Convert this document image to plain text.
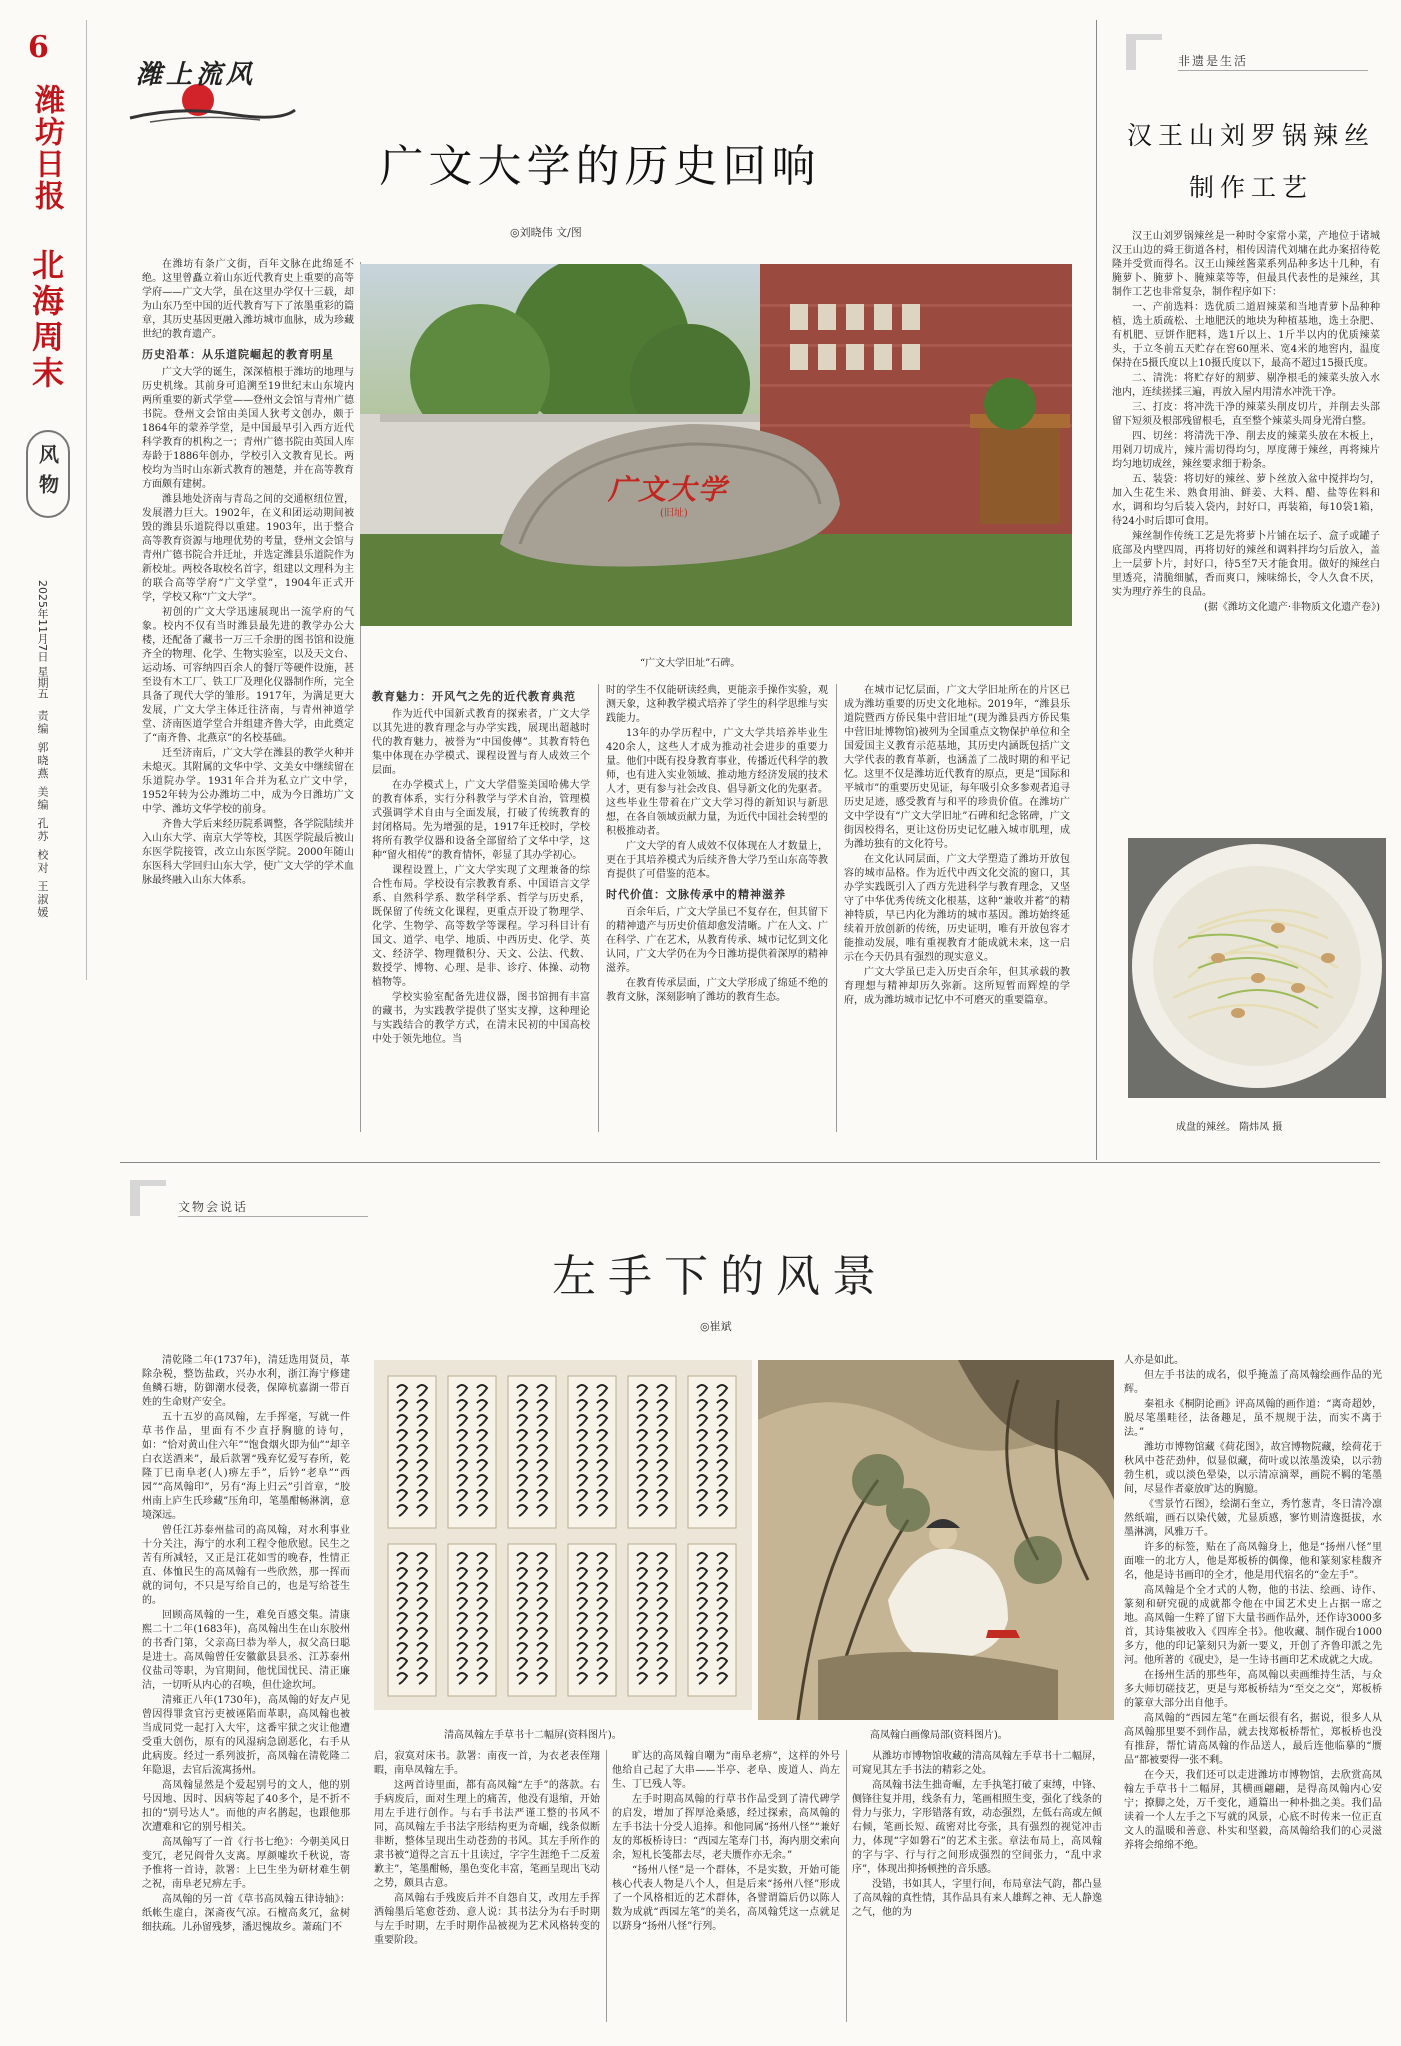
6
潍坊日报
北海周末
风物
2025年11月7日
星期五
责编 郭晓燕 美编 孔苏 校对 王淑媛
潍上流风
广文大学的历史回响
◎刘晓伟 文/图

在潍坊有条广文街，百年文脉在此绵延不绝。这里曾矗立着山东近代教育史上重要的高等学府——广文大学，虽在这里办学仅十三载，却为山东乃至中国的近代教育写下了浓墨重彩的篇章，其历史基因更融入潍坊城市血脉，成为珍藏世纪的教育遗产。

历史沿革：从乐道院崛起的教育明星

广文大学的诞生，深深植根于潍坊的地理与历史机缘。其前身可追溯至19世纪末山东境内两所重要的新式学堂——登州文会馆与青州广德书院。登州文会馆由美国人狄考文创办，颇于1864年的蒙养学堂，是中国最早引入西方近代科学教育的机构之一；青州广德书院由英国人库寿龄于1886年创办，学校引入文教育见长。两校均为当时山东新式教育的翘楚，并在高等教育方面颇有建树。

潍县地处济南与青岛之间的交通枢纽位置，发展潜力巨大。1902年，在义和团运动期间被毁的潍县乐道院得以重建。1903年，出于整合高等教育资源与地理优势的考量，登州文会馆与青州广德书院合并迁址，并选定潍县乐道院作为新校址。两校各取校名首字，组建以文理科为主的联合高等学府“广文学堂”，1904年正式开学，学校又称“广文大学”。

初创的广文大学迅速展现出一流学府的气象。校内不仅有当时潍县最先进的教学办公大楼，还配备了藏书一万三千余册的图书馆和设施齐全的物理、化学、生物实验室，以及天文台、运动场、可容纳四百余人的餐厅等硬件设施，甚至设有木工厂、铁工厂及理化仪器制作所，完全具备了现代大学的雏形。1917年，为满足更大发展，广文大学主体迁往济南，与青州神道学堂、济南医道学堂合并组建齐鲁大学，由此奠定了“南齐鲁、北燕京”的名校基础。

迁至济南后，广文大学在潍县的教学火种并未熄灭。其附属的文华中学、文美女中继续留在乐道院办学。1931年合并为私立广文中学，1952年转为公办潍坊二中，成为今日潍坊广文中学、潍坊文华学校的前身。

齐鲁大学后来经历院系调整，各学院陆续并入山东大学、南京大学等校，其医学院最后被山东医学院接管，改立山东医学院。2000年随山东医科大学回归山东大学，使广文大学的学术血脉最终融入山东大体系。

广文大学
(旧址)
“广文大学旧址”石碑。
教育魅力：开风气之先的近代教育典范

作为近代中国新式教育的探索者，广文大学以其先进的教育理念与办学实践，展现出超越时代的教育魅力，被誉为“中国俊傳”。其教育特色集中体现在办学模式、课程设置与育人成效三个层面。

在办学模式上，广文大学借鉴美国哈佛大学的教育体系，实行分科教学与学术自治，管理模式强调学术自由与全面发展，打破了传统教育的封闭格局。先为增强的是，1917年迁校时，学校将所有教学仪器和设备全部留给了文华中学，这种“留火相传”的教育情怀，彰显了其办学初心。

课程设置上，广文大学实现了文理兼备的综合性布局。学校设有宗教教育系、中国语言文学系、自然科学系、数学科学系、哲学与历史系，既保留了传统文化课程，更重点开设了物理学、化学、生物学、高等数学等课程。学习科目计有国文、道学、电学、地质、中西历史、化学、英文、经济学、物理微积分、天文、公法、代数、数授学、博物、心理、是非、诊疗、体操、动物植物等。

学校实验室配备先进仪器，图书馆拥有丰富的藏书，为实践教学提供了坚实支撑，这种理论与实践结合的教学方式，在清末民初的中国高校中处于领先地位。当

时的学生不仅能研读经典，更能亲手操作实验，观测天象，这种教学模式培养了学生的科学思维与实践能力。

13年的办学历程中，广文大学共培养毕业生420余人，这些人才成为推动社会进步的重要力量。他们中既有投身教育事业，传播近代科学的教师，也有进入实业领域、推动地方经济发展的技术人才，更有参与社会改良、倡导新文化的先驱者。这些毕业生带着在广文大学习得的新知识与新思想，在各自领域贡献力量，为近代中国社会转型的积极推动者。

广文大学的育人成效不仅体现在人才数量上，更在于其培养模式为后续齐鲁大学乃至山东高等教育提供了可借鉴的范本。

时代价值：文脉传承中的精神滋养

百余年后，广文大学虽已不复存在，但其留下的精神遗产与历史价值却愈发清晰。广在人文、广在科学、广在艺术，从教育传承、城市记忆到文化认同，广文大学仍在为今日潍坊提供着深厚的精神滋养。

在教育传承层面，广文大学形成了绵延不绝的教育文脉，深刻影响了潍坊的教育生态。

在城市记忆层面，广文大学旧址所在的片区已成为潍坊重要的历史文化地标。2019年，“潍县乐道院暨西方侨民集中营旧址”(现为潍县西方侨民集中营旧址博物馆)被列为全国重点文物保护单位和全国爱国主义教育示范基地，其历史内涵既包括广文大学代表的教育革新，也涵盖了二战时期的和平记忆。这里不仅是潍坊近代教育的原点，更是“国际和平城市”的重要历史见证，每年吸引众多参观者追寻历史足迹，感受教育与和平的珍贵价值。在潍坊广文中学设有“广文大学旧址”石碑和纪念铭碑，广文街因校得名，更让这份历史记忆融入城市肌理，成为潍坊独有的文化符号。

在文化认同层面，广文大学塑造了潍坊开放包容的城市品格。作为近代中西文化交流的窗口，其办学实践既引入了西方先进科学与教育理念，又坚守了中华优秀传统文化根基，这种“兼收并蓄”的精神特质，早已内化为潍坊的城市基因。潍坊始终延续着开放创新的传统，历史证明，唯有开放包容才能推动发展，唯有重视教育才能成就未来，这一启示在今天仍具有强烈的现实意义。

广文大学虽已走入历史百余年，但其承载的教育理想与精神却历久弥新。这所短暂而辉煌的学府，成为潍坊城市记忆中不可磨灭的重要篇章。

非遗是生活
汉王山刘罗锅辣丝制作工艺

汉王山刘罗锅辣丝是一种时令家常小菜，产地位于诸城汉王山边的舜王街道各村，相传因清代刘墉在此办案招待乾隆并受赏而得名。汉王山辣丝酱菜系列品种多达十几种，有腌萝卜、腌萝卜、腌辣菜等等，但最具代表性的是辣丝，其制作工艺也非常复杂，制作程序如下：

一、产前选料：选优质二道眉辣菜和当地青萝卜品种种植，选土质疏松、土地肥沃的地块为种植基地，选土杂肥、有机肥、豆饼作肥料，选1斤以上、1斤半以内的优质辣菜头，于立冬前五天贮存在窖60厘米、宽4米的地窖内，温度保持在5摄氏度以上10摄氏度以下，最高不超过15摄氏度。

二、清洗：将贮存好的割萝、剔净根毛的辣菜头放入水池内，连续搓揉三遍，再放入屋内用清水冲洗干净。

三、打皮：将冲洗干净的辣菜头削皮切片，并削去头部留下短须及根部残留根毛，直至整个辣菜头周身光滑白整。

四、切丝：将清洗干净、削去皮的辣菜头放在木板上，用剁刀切成片，辣片需切得均匀，厚度薄于辣丝，再将辣片均匀地切成丝，辣丝要求细于粉条。

五、装袋：将切好的辣丝、萝卜丝放入盆中搅拌均匀，加入生花生米、熟食用油、鲜姜、大料、醋、盐等佐料和水，调和均匀后装入袋内，封好口，再装箱，每10袋1箱，待24小时后即可食用。

辣丝制作传统工艺是先将萝卜片铺在坛子、盒子或罐子底部及内壁四周，再将切好的辣丝和调料拌均匀后放入，盖上一层萝卜片，封好口，待5至7天才能食用。做好的辣丝白里透亮，清脆细腻，香而爽口，辣味绵长，令人久食不厌，实为理疗养生的良品。

(据《潍坊文化遗产·非物质文化遗产卷》)

成盘的辣丝。 隋炜凤 摄
文物会说话
左手下的风景
◎崔斌

清乾隆二年(1737年)，清廷选用贤员，革除杂税，整饬盐政，兴办水利，浙江海宁修建鱼鳞石塘，防御潮水侵袭，保障杭嘉湖一带百姓的生命财产安全。

五十五岁的高凤翰，左手挥毫，写就一件草书作品，里面有不少直抒胸臆的诗句，如：“恰对黄山住六年”“饱食烟火即为仙”“却辛白衣送酒来”，最后款署“残弃忆爱写春所，乾隆丁巳南阜老(人)痹左手”，后钤“老阜”“西园”“高凤翰印”，另有“海上归云”引首章，“胶州南上庐生氏珍藏”压角印，笔墨酣畅淋漓，意境深远。

曾任江苏泰州盐司的高凤翰，对水利事业十分关注，海宁的水利工程令他欣慰。民生之苦有所减轻，又正是江花如雪的晚春，性情正直、体恤民生的高凤翰有一些欣然，那一挥而就的词句，不只是写给自己的，也是写给苍生的。

回顾高凤翰的一生，难免百感交集。清康熙二十二年(1683年)，高凤翰出生在山东胶州的书香门第，父亲高曰恭为举人，叔父高曰聪是进士。高凤翰曾任安徽歙县县丞、江苏泰州仪盐司等职，为官期间，他忧国忧民、清正廉洁，一切听从内心的召唤，但仕途坎坷。

清雍正八年(1730年)，高凤翰的好友卢见曾因得罪贪官污吏被诬陷而革职，高凤翰也被当成同党一起打入大牢，这番牢狱之灾让他遭受重大创伤，原有的风湿病急剧恶化，右手从此病废。经过一系列波折，高凤翰在清乾隆二年隐退，去官后流寓扬州。

高凤翰显然是个爱起别号的文人，他的别号因地、因时、因病等起了40多个，是不折不扣的“别号达人”。而他的声名鹊起，也跟他那次遭难和它的别号相关。

高凤翰写了一首《行书七绝》：今朝美风日变冗，老兄阎骨久支离。厚颜嘘坎千秋说，寄予惟将一首诗，款署：上巳生坐为研材难生朝之祝，南阜老兄痹左手。

高凤翰的另一首《草书高凤翰五律诗轴》：纸帐生虚白，深斋夜气凉。石檀高炙冗，盆树细扶疏。儿孙留残梦，潘迟愧故乡。萧疏门不

清高凤翰左手草书十二幅屏(资料图片)。	高凤翰白画像局部(资料图片)。

启，寂寞对床书。款署：南夜一首，为衣老表侄翔暇，南阜凤翰左手。

这两首诗里面，都有高凤翰“左手”的落款。右手病废后，面对生理上的痛苦，他没有退缩，开始用左手进行创作。与右手书法严谨工整的书风不同，高凤翰左手书法字形结构更为奇崛，线条似断非断，整体呈现出生动苍劲的书风。其左手所作的隶书被“道得之言五十且读过，字字生涯绝千二反羞歉主”，笔墨酣畅，墨色变化丰富，笔画呈现出飞动之势，颇具古意。

高凤翰右手残废后并不自怨自艾，改用左手挥洒翰墨后笔愈苍劲、意人说：其书法分为右手时期与左手时期，左手时期作品被视为艺术风格转变的重要阶段。

旷达的高凤翰自嘲为“南阜老痹”，这样的外号他给自己起了大串——半亭、老阜、废道人、尚左生、丁巳残人等。

左手时期高凤翰的行草书作品受到了清代碑学的启发，增加了挥厚沧桑感，经过探索，高凤翰的左手书法十分受人追捧。和他同属“扬州八怪”“兼好友的郑板桥诗曰：“西园左笔寿门书，海内朋交索向余，短札长笺都去尽，老夫赝作亦无余。”

“扬州八怪”是一个群体，不是实数，开始可能核心代表人物是八个人，但是后来“扬州八怪”形成了一个风格相近的艺术群体，各譬谓篇后仍以陈人数为成就“西园左笔”的美名，高凤翰凭这一点就足以跻身“扬州八怪”行列。

从潍坊市博物馆收藏的清高凤翰左手草书十二幅屏，可窥见其左手书法的精彩之处。

高凤翰书法生拙奇崛，左手执笔打破了束缚，中锋、侧锋往复并用，线条有力，笔画相照生变，强化了线条的骨力与张力，字形错落有致，动态强烈，左低右高或左倾右倾，笔画长短、疏密对比夸张，具有强烈的视觉冲击力，体现“字如磐石”的艺术主张。章法布局上，高凤翰的字与字、行与行之间形成强烈的空间张力，“乱中求序”，体现出抑扬顿挫的音乐感。

没错，书如其人，字里行间，布局章法气韵，都凸显了高凤翰的真性情，其作品具有来人雄辉之神、无人静逸之气，他的为

人亦是如此。

但左手书法的成名，似乎掩盖了高凤翰绘画作品的光辉。

秦祖永《桐阴论画》评高凤翰的画作道：“离奇超妙，脱尽笔墨畦径，法备趣足，虽不规规于法，而实不离于法。”

潍坊市博物馆藏《荷花图》，故宫博物院藏，绘荷花于秋风中苍茫劲仲，似显似藏，荷叶或以浓墨泼染，以示勃勃生机，或以淡色晕染，以示清凉滴翠，画院不羁的笔墨间，尽显作者豪放旷达的胸臆。

《雪景竹石图》，绘湖石奎立，秀竹葱青，冬日清冷凛然纸端，画石以染代皴，尤显质感，寥竹则清逸挺拔，水墨淋漓，风雅万千。

许多的标签，贴在了高凤翰身上，他是“扬州八怪”里面唯一的北方人，他是郑板桥的偶像，他和篆刻家桂馥齐名，他是诗书画印的全才，他是用代宿名的“金左手”。

高凤翰是个全才式的人物，他的书法、绘画、诗作、篆刻和研究砚的成就都令他在中国艺术史上占据一席之地。高凤翰一生粹了留下大量书画作品外，还作诗3000多首，其诗集被收入《四库全书》。他收藏、制作砚台1000多方，他的印记篆刻只为新一要义，开创了齐鲁印派之先河。他所著的《砚史》，是一生诗书画印艺术成就之大成。

在扬州生活的那些年，高凤翰以卖画维持生活，与众多大师切磋技艺，更是与郑板桥结为“至交之交”，郑板桥的篆章大部分出自他手。

高凤翰的“西园左笔”在画坛很有名，据说，很多人从高凤翰那里要不到作品，就去找郑板桥帮忙，郑板桥也没有推辞，帮忙请高凤翰的作品送人，最后连他临摹的“赝品”都被要得一张不剩。

在今天，我们还可以走进潍坊市博物馆，去欣赏高凤翰左手草书十二幅屏，其横画翩翩，是得高凤翰内心安宁；撩脚之处，万千变化，通篇出一种朴拙之美。我们品读着一个人左手之下写就的风景，心底不时传来一位正直文人的温暖和善意、朴实和坚毅，高凤翰给我们的心灵滋养将会绵绵不绝。
